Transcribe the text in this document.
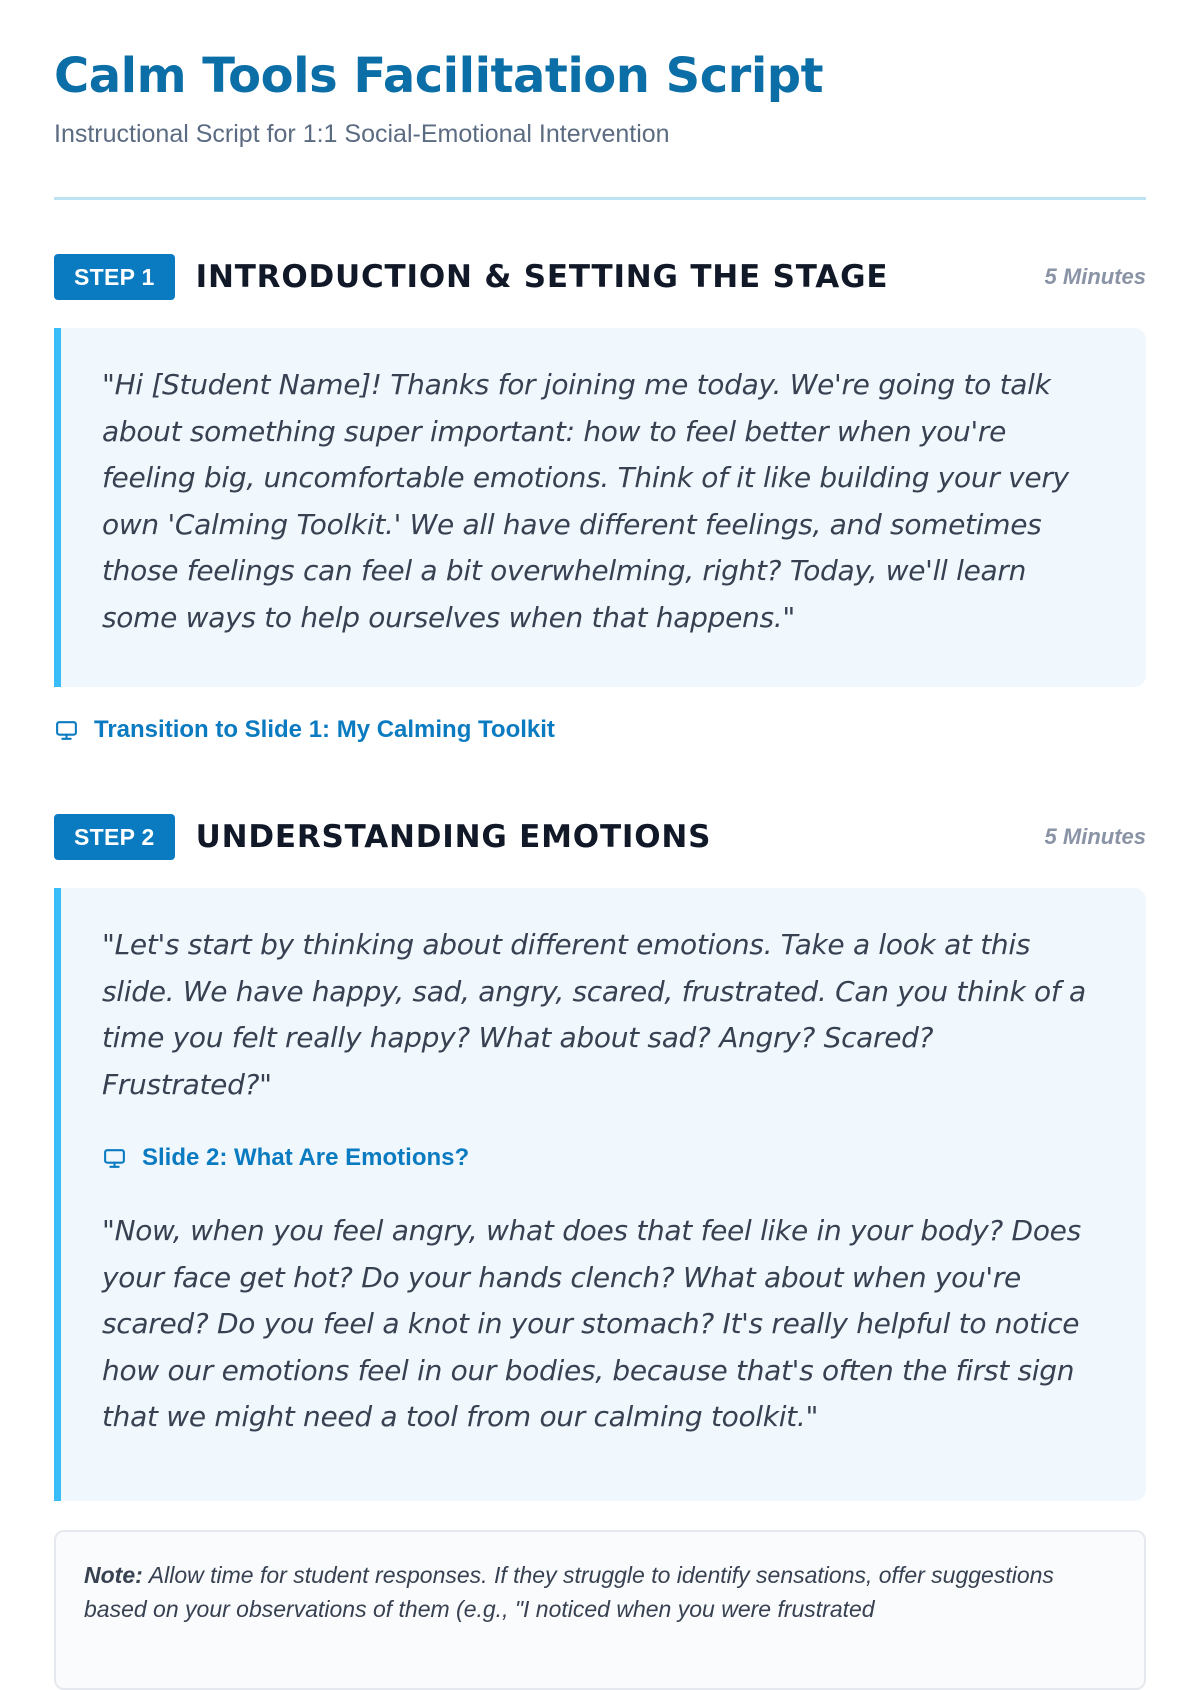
Calm Tools Facilitation Script

Instructional Script for 1:1 Social-Emotional Intervention

STEP 1	INTRODUCTION & SETTING THE STAGE	5 Minutes

"Hi [Student Name]! Thanks for joining me today. We're going to talk about something super important: how to feel better when you're feeling big, uncomfortable emotions. Think of it like building your very own 'Calming Toolkit.' We all have different feelings, and sometimes those feelings can feel a bit overwhelming, right? Today, we'll learn some ways to help ourselves when that happens."

Transition to Slide 1: My Calming Toolkit
STEP 2	UNDERSTANDING EMOTIONS	5 Minutes

"Let's start by thinking about different emotions. Take a look at this slide. We have happy, sad, angry, scared, frustrated. Can you think of a time you felt really happy? What about sad? Angry? Scared? Frustrated?"

Slide 2: What Are Emotions?

"Now, when you feel angry, what does that feel like in your body? Does your face get hot? Do your hands clench? What about when you're scared? Do you feel a knot in your stomach? It's really helpful to notice how our emotions feel in our bodies, because that's often the first sign that we might need a tool from our calming toolkit."

Note: Allow time for student responses. If they struggle to identify sensations, offer suggestions based on your observations of them (e.g., "I noticed when you were frustrated
